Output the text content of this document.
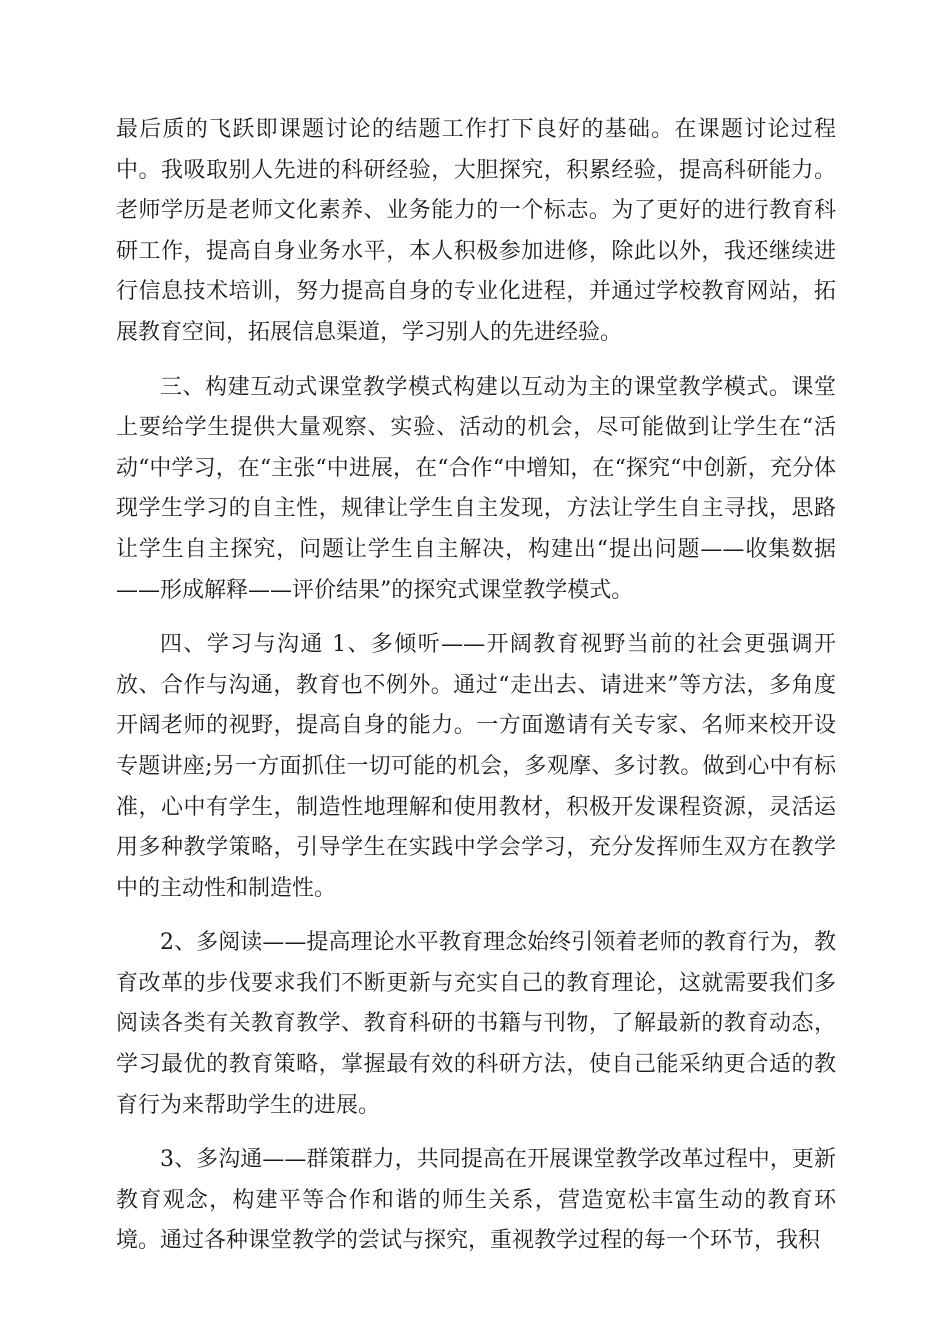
最后质的飞跃即课题讨论的结题工作打下良好的基础。在课题讨论过程中。我吸取别人先进的科研经验，大胆探究，积累经验，提高科研能力。老师学历是老师文化素养、业务能力的一个标志。为了更好的进行教育科研工作，提高自身业务水平，本人积极参加进修，除此以外，我还继续进行信息技术培训，努力提高自身的专业化进程，并通过学校教育网站，拓展教育空间，拓展信息渠道，学习别人的先进经验。

三、构建互动式课堂教学模式构建以互动为主的课堂教学模式。课堂上要给学生提供大量观察、实验、活动的机会，尽可能做到让学生在“活动“中学习，在“主张“中进展，在“合作“中增知，在“探究“中创新，充分体现学生学习的自主性，规律让学生自主发现，方法让学生自主寻找，思路让学生自主探究，问题让学生自主解决，构建出“提出问题——收集数据——形成解释——评价结果”的探究式课堂教学模式。

四、学习与沟通 1、多倾听——开阔教育视野当前的社会更强调开放、合作与沟通，教育也不例外。通过“走出去、请进来”等方法，多角度开阔老师的视野，提高自身的能力。一方面邀请有关专家、名师来校开设专题讲座;另一方面抓住一切可能的机会，多观摩、多讨教。做到心中有标准，心中有学生，制造性地理解和使用教材，积极开发课程资源，灵活运用多种教学策略，引导学生在实践中学会学习，充分发挥师生双方在教学中的主动性和制造性。

2、多阅读——提高理论水平教育理念始终引领着老师的教育行为，教育改革的步伐要求我们不断更新与充实自己的教育理论，这就需要我们多阅读各类有关教育教学、教育科研的书籍与刊物，了解最新的教育动态，学习最优的教育策略，掌握最有效的科研方法，使自己能采纳更合适的教育行为来帮助学生的进展。

3、多沟通——群策群力，共同提高在开展课堂教学改革过程中，更新教育观念，构建平等合作和谐的师生关系，营造宽松丰富生动的教育环境。通过各种课堂教学的尝试与探究，重视教学过程的每一个环节，我积
